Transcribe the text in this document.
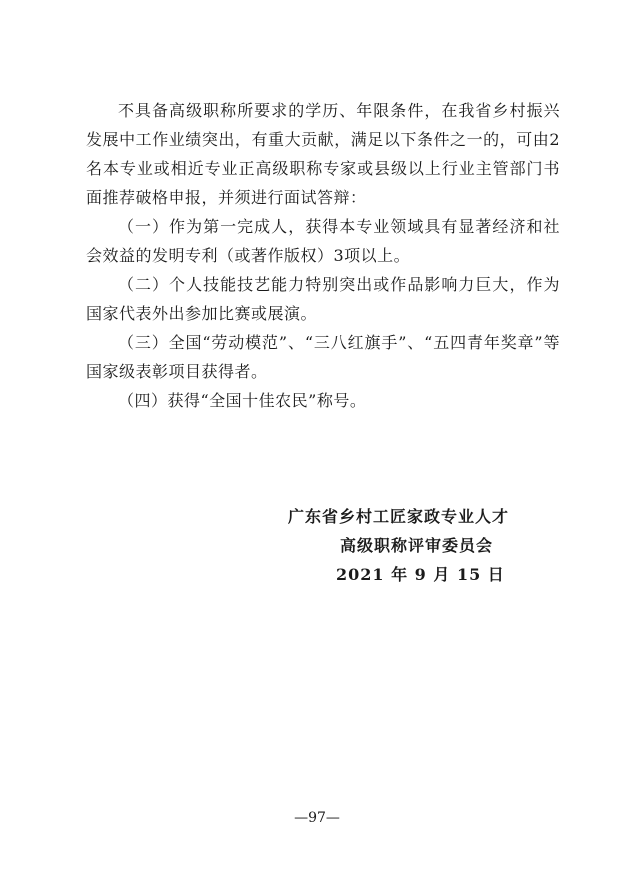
不具备高级职称所要求的学历、年限条件，在我省乡村振兴发展中工作业绩突出，有重大贡献，满足以下条件之一的，可由2名本专业或相近专业正高级职称专家或县级以上行业主管部门书面推荐破格申报，并须进行面试答辩：

（一）作为第一完成人，获得本专业领域具有显著经济和社会效益的发明专利（或著作版权）3项以上。

（二）个人技能技艺能力特别突出或作品影响力巨大，作为国家代表外出参加比赛或展演。

（三）全国“劳动模范”、“三八红旗手”、“五四青年奖章”等国家级表彰项目获得者。

（四）获得“全国十佳农民”称号。

广东省乡村工匠家政专业人才
高级职称评审委员会
2021 年 9 月 15 日
—97—
